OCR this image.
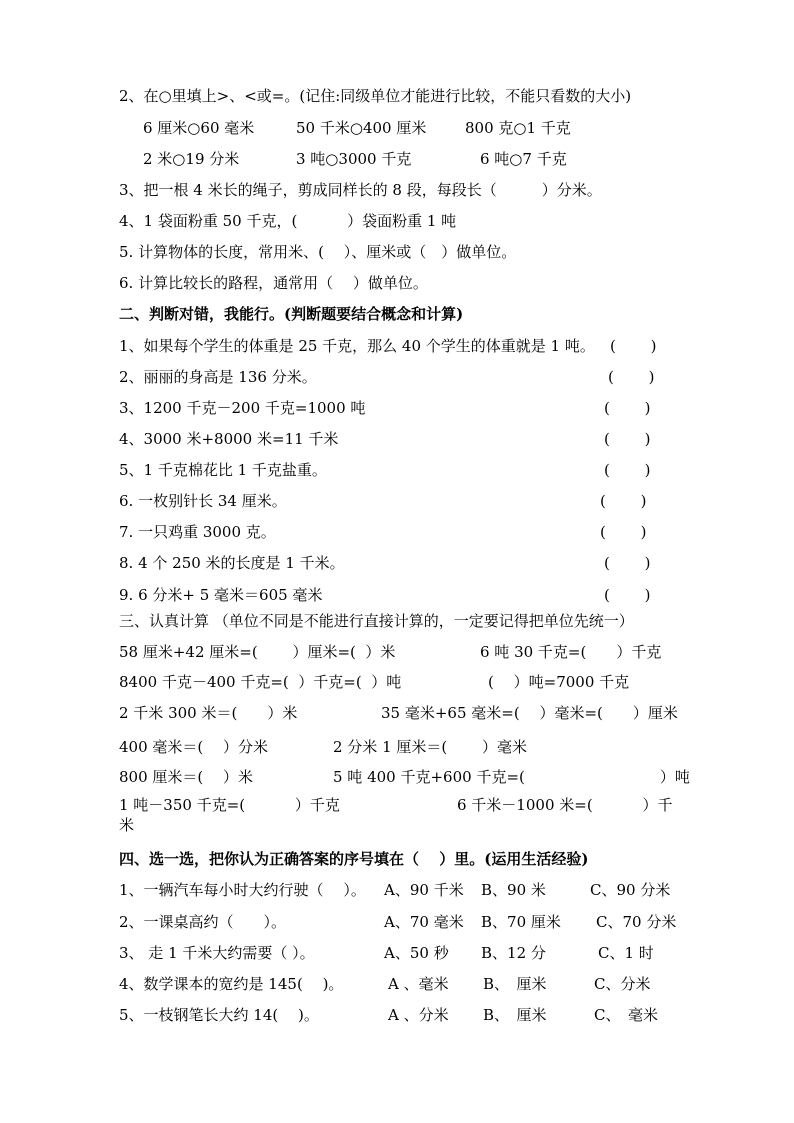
2、在○里填上>、<或=。(记住:同级单位才能进行比较，不能只看数的大小)
6 厘米○60 毫米	50 千米○400 厘米	800 克○1 千克
2 米○19 分米	3 吨○3000 千克	6 吨○7 千克
3、把一根 4 米长的绳子，剪成同样长的 8 段，每段长（　　　）分米。
4、1 袋面粉重 50 千克，(　　　 ）袋面粉重 1 吨
5. 计算物体的长度，常用米、(　 ）、厘米或（　）做单位。
6. 计算比较长的路程，通常用（　 ）做单位。
二、判断对错，我能行。(判断题要结合概念和计算)
1、如果每个学生的体重是 25 千克，那么 40 个学生的体重就是 1 吨。 (　　 )
2、丽丽的身高是 136 分米。	(　　 )
3、1200 千克－200 千克=1000 吨	(　　 )
4、3000 米+8000 米=11 千米	(　　 )
5、1 千克棉花比 1 千克盐重。	(　　 )
6. 一枚别针长 34 厘米。	(　　 )
7. 一只鸡重 3000 克。	(　　 )
8. 4 个 250 米的长度是 1 千米。	(　　 )
9. 6 分米+ 5 毫米＝605 毫米	(　　 )
三、认真计算 （单位不同是不能进行直接计算的，一定要记得把单位先统一）
58 厘米+42 厘米=(　　 ）厘米=(  ）米	6 吨 30 千克=(　　）千克
8400 千克－400 千克=(  ）千克=(  ）吨	(　 ）吨=7000 千克
2 千米 300 米＝(　　）米	35 毫米+65 毫米=(　 ）毫米=(　　）厘米
400 毫米＝(　 ）分米	2 分米 1 厘米＝(　　 ）毫米
800 厘米＝(　 ）米	5 吨 400 千克+600 千克=(　　　　　　　　　）吨
1 吨－350 千克=(　　　 ）千克	6 千米－1000 米=(　　　 ）千
米
四、选一选，把你认为正确答案的序号填在（　 ）里。(运用生活经验)
1、一辆汽车每小时大约行驶（　 ）。 A、90 千米 B、90 米	C、90 分米
2、一课桌高约（　　）。	A、70 毫米 B、70 厘米 C、70 分米
3、 走 1 千米大约需要（ ）。	A、50 秒 B、12 分	C、1 时
4、数学课本的宽约是 145(　 )。	A 、毫米 B、　厘米	C、分米
5、一枝钢笔长大约 14(　 )。	A 、分米 B、　厘米	C、　毫米
